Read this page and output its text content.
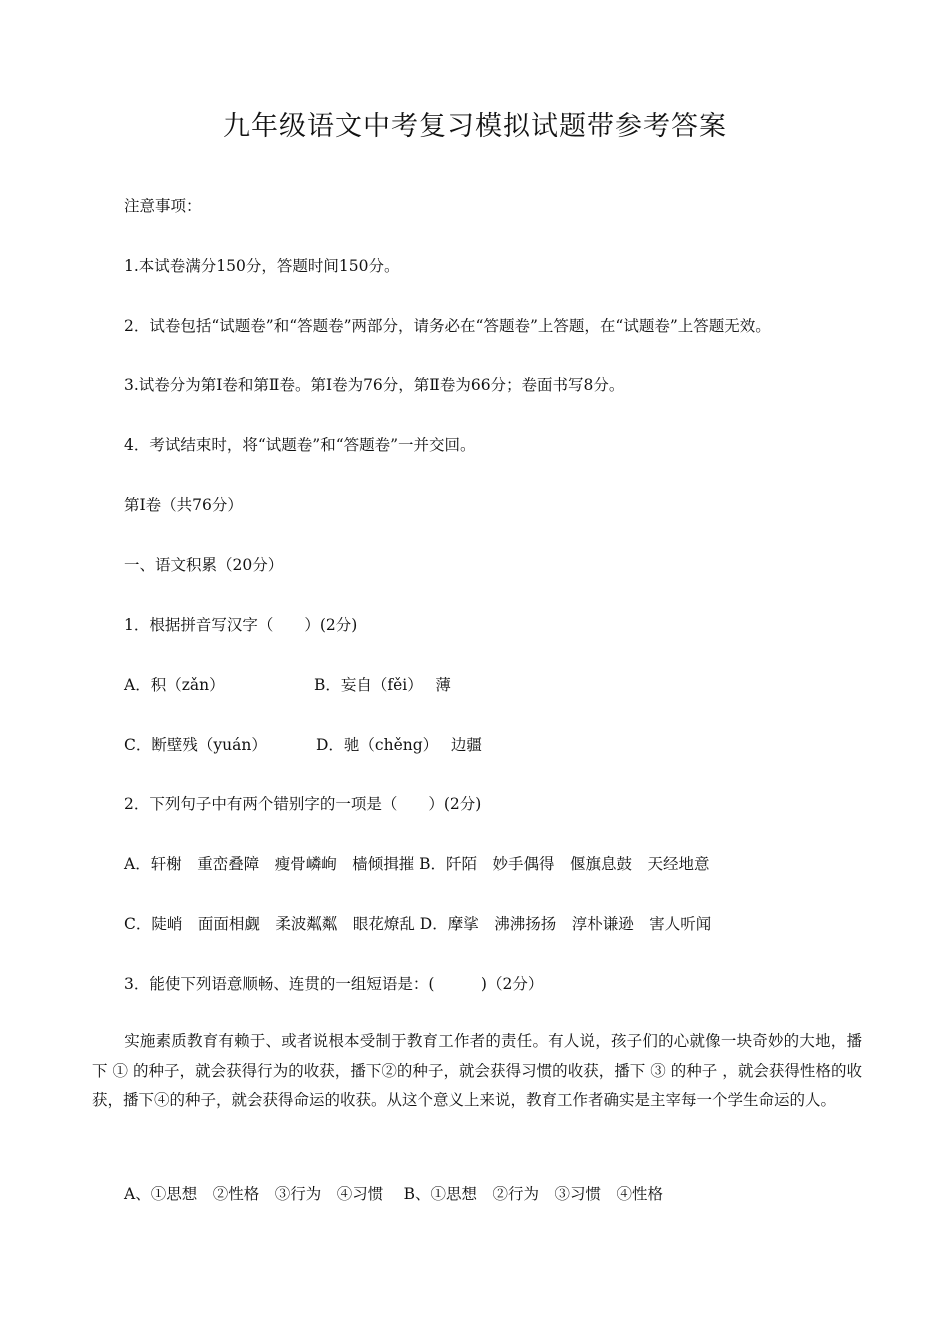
九年级语文中考复习模拟试题带参考答案
注意事项：
1.本试卷满分150分，答题时间150分。
2．试卷包括“试题卷”和“答题卷”两部分，请务必在“答题卷”上答题，在“试题卷”上答题无效。
3.试卷分为第Ⅰ卷和第Ⅱ卷。第Ⅰ卷为76分，第Ⅱ卷为66分；卷面书写8分。
4．考试结束时，将“试题卷”和“答题卷”一并交回。
第Ⅰ卷（共76分）
一、语文积累（20分）
1．根据拼音写汉字（　　）(2分)
A．积（zǎn）	B．妄自（fěi）　 薄
C．断壁残（yuán）	D．驰（chěng）　 边疆
2．下列句子中有两个错别字的一项是（　　）(2分)
A．轩榭　重峦叠障　瘦骨嶙峋　樯倾揖摧 B．阡陌　妙手偶得　偃旗息鼓　天经地意
C．陡峭　面面相觑　柔波粼粼　眼花燎乱 D．摩挲　沸沸扬扬　淳朴谦逊　害人听闻
3．能使下列语意顺畅、连贯的一组短语是：(　　　)（2分）
实施素质教育有赖于、或者说根本受制于教育工作者的责任。有人说，孩子们的心就像一块奇妙的大地，播下 ① 的种子，就会获得行为的收获，播下②的种子，就会获得习惯的收获，播下 ③ 的种子 ，就会获得性格的收获，播下④的种子，就会获得命运的收获。从这个意义上来说，教育工作者确实是主宰每一个学生命运的人。
A、①思想　②性格　③行为　④习惯　 B、①思想　②行为　③习惯　④性格
